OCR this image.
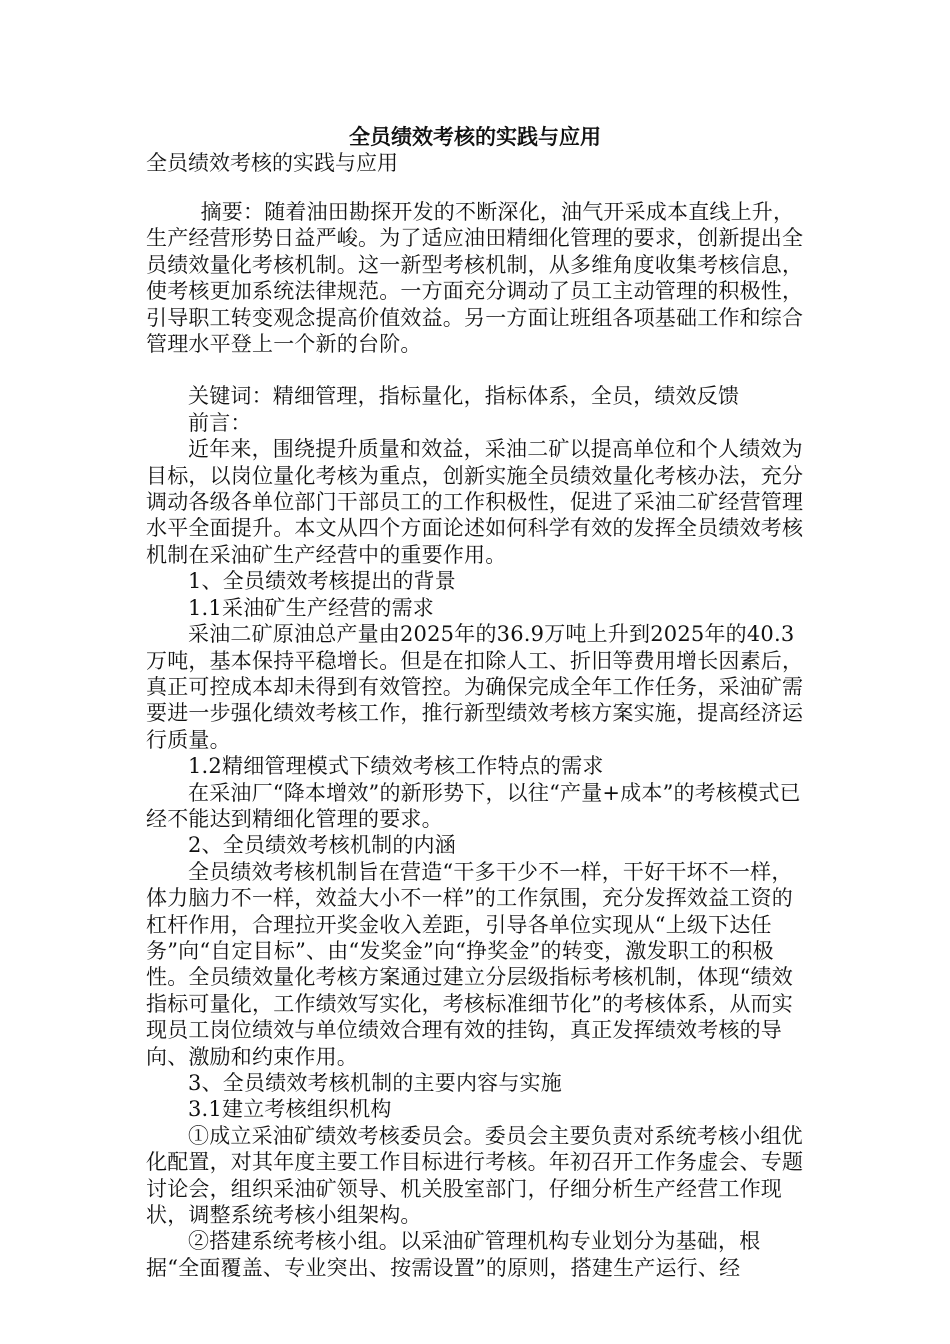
全员绩效考核的实践与应用
全员绩效考核的实践与应用

摘要：随着油田勘探开发的不断深化，油气开采成本直线上升，生产经营形势日益严峻。为了适应油田精细化管理的要求，创新提出全员绩效量化考核机制。这一新型考核机制，从多维角度收集考核信息，使考核更加系统法律规范。一方面充分调动了员工主动管理的积极性，引导职工转变观念提高价值效益。另一方面让班组各项基础工作和综合管理水平登上一个新的台阶。

关键词：精细管理，指标量化，指标体系，全员，绩效反馈

前言：

近年来，围绕提升质量和效益，采油二矿以提高单位和个人绩效为目标，以岗位量化考核为重点，创新实施全员绩效量化考核办法，充分调动各级各单位部门干部员工的工作积极性，促进了采油二矿经营管理水平全面提升。本文从四个方面论述如何科学有效的发挥全员绩效考核机制在采油矿生产经营中的重要作用。

1、全员绩效考核提出的背景

1.1采油矿生产经营的需求

采油二矿原油总产量由2025年的36.9万吨上升到2025年的40.3万吨，基本保持平稳增长。但是在扣除人工、折旧等费用增长因素后，真正可控成本却未得到有效管控。为确保完成全年工作任务，采油矿需要进一步强化绩效考核工作，推行新型绩效考核方案实施，提高经济运行质量。

1.2精细管理模式下绩效考核工作特点的需求

在采油厂“降本增效”的新形势下，以往“产量+成本”的考核模式已经不能达到精细化管理的要求。

2、全员绩效考核机制的内涵

全员绩效考核机制旨在营造“干多干少不一样，干好干坏不一样，体力脑力不一样，效益大小不一样”的工作氛围，充分发挥效益工资的杠杆作用，合理拉开奖金收入差距，引导各单位实现从“上级下达任务”向“自定目标”、由“发奖金”向“挣奖金”的转变，激发职工的积极性。全员绩效量化考核方案通过建立分层级指标考核机制，体现“绩效指标可量化，工作绩效写实化，考核标准细节化”的考核体系，从而实现员工岗位绩效与单位绩效合理有效的挂钩，真正发挥绩效考核的导向、激励和约束作用。

3、全员绩效考核机制的主要内容与实施

3.1建立考核组织机构

①成立采油矿绩效考核委员会。委员会主要负责对系统考核小组优化配置，对其年度主要工作目标进行考核。年初召开工作务虚会、专题讨论会，组织采油矿领导、机关股室部门，仔细分析生产经营工作现状，调整系统考核小组架构。

②搭建系统考核小组。以采油矿管理机构专业划分为基础，根据“全面覆盖、专业突出、按需设置”的原则，搭建生产运行、经
